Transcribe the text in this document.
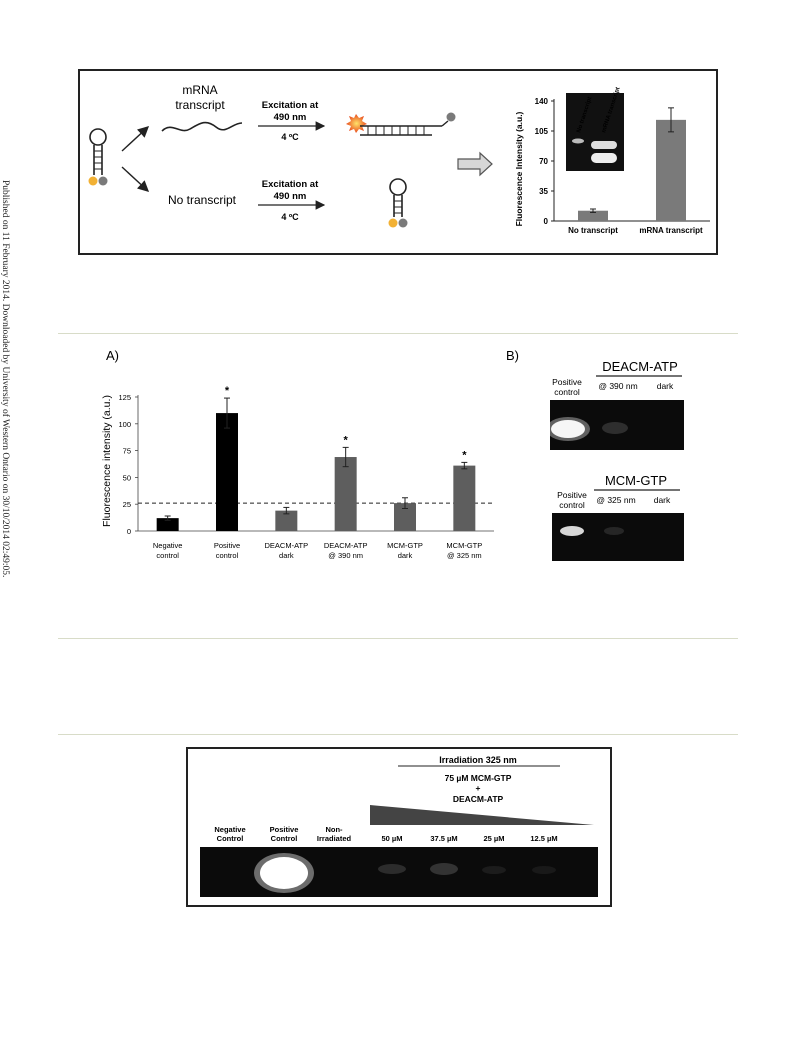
Published on 11 February 2014. Downloaded by University of Western Ontario on 30/10/2014 02:49:05.
mRNA
transcript	Excitation at
490 nm
4 ºC
No transcript
Excitation at
490 nm
4 ºC	Fluorescence Intensity (a.u.) 0
35
70
105
140	No transcript mRNA transcript
No transcript	mRNA transcript
A)	B)
Fluorescence intensity (a.u.)
0
25
50
75
100
125
Negative
control
*
Positive
control
DEACM-ATP
dark
*
DEACM-ATP
@ 390 nm
MCM-GTP
dark
*
MCM-GTP
@ 325 nm
DEACM-ATP
Positive
control
@ 390 nm dark
MCM-GTP
Positive
control @ 325 nm dark
Irradiation 325 nm
75 µM MCM-GTP
+
DEACM-ATP
Negative
Control
Positive
Control
Non-
Irradiated	50 µM	37.5 µM	25 µM	12.5 µM
